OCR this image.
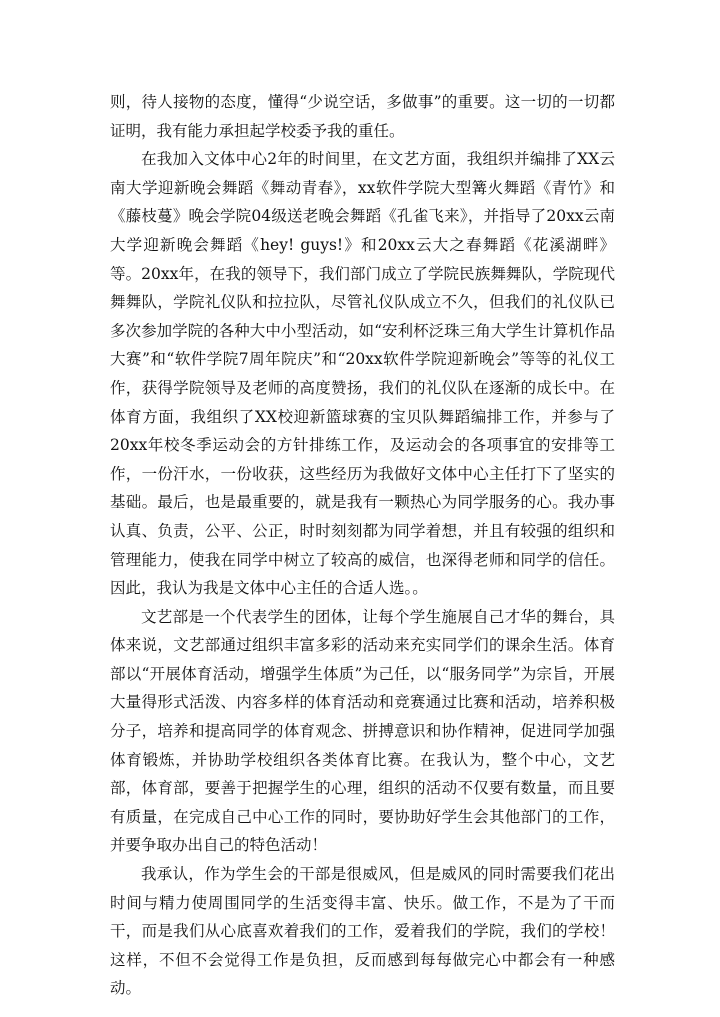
则，待人接物的态度，懂得“少说空话，多做事”的重要。这一切的一切都证明，我有能力承担起学校委予我的重任。

在我加入文体中心2年的时间里，在文艺方面，我组织并编排了XX云南大学迎新晚会舞蹈《舞动青春》，xx软件学院大型篝火舞蹈《青竹》和《藤枝蔓》晚会学院04级送老晚会舞蹈《孔雀飞来》，并指导了20xx云南大学迎新晚会舞蹈《hey! guys!》和20xx云大之春舞蹈《花溪湖畔》等。20xx年，在我的领导下，我们部门成立了学院民族舞舞队，学院现代舞舞队，学院礼仪队和拉拉队，尽管礼仪队成立不久，但我们的礼仪队已多次参加学院的各种大中小型活动，如“安利杯泛珠三角大学生计算机作品大赛”和“软件学院7周年院庆”和“20xx软件学院迎新晚会”等等的礼仪工作，获得学院领导及老师的高度赞扬，我们的礼仪队在逐渐的成长中。在体育方面，我组织了XX校迎新篮球赛的宝贝队舞蹈编排工作，并参与了20xx年校冬季运动会的方针排练工作，及运动会的各项事宜的安排等工作，一份汗水，一份收获，这些经历为我做好文体中心主任打下了坚实的基础。最后，也是最重要的，就是我有一颗热心为同学服务的心。我办事认真、负责，公平、公正，时时刻刻都为同学着想，并且有较强的组织和管理能力，使我在同学中树立了较高的威信，也深得老师和同学的信任。因此，我认为我是文体中心主任的合适人选。。

文艺部是一个代表学生的团体，让每个学生施展自己才华的舞台，具体来说，文艺部通过组织丰富多彩的活动来充实同学们的课余生活。体育部以“开展体育活动，增强学生体质”为己任，以“服务同学”为宗旨，开展大量得形式活泼、内容多样的体育活动和竞赛通过比赛和活动，培养积极分子，培养和提高同学的体育观念、拼搏意识和协作精神，促进同学加强体育锻炼，并协助学校组织各类体育比赛。在我认为，整个中心，文艺部，体育部，要善于把握学生的心理，组织的活动不仅要有数量，而且要有质量，在完成自己中心工作的同时，要协助好学生会其他部门的工作，并要争取办出自己的特色活动！

我承认，作为学生会的干部是很威风，但是威风的同时需要我们花出时间与精力使周围同学的生活变得丰富、快乐。做工作，不是为了干而干，而是我们从心底喜欢着我们的工作，爱着我们的学院，我们的学校！这样，不但不会觉得工作是负担，反而感到每每做完心中都会有一种感动。
